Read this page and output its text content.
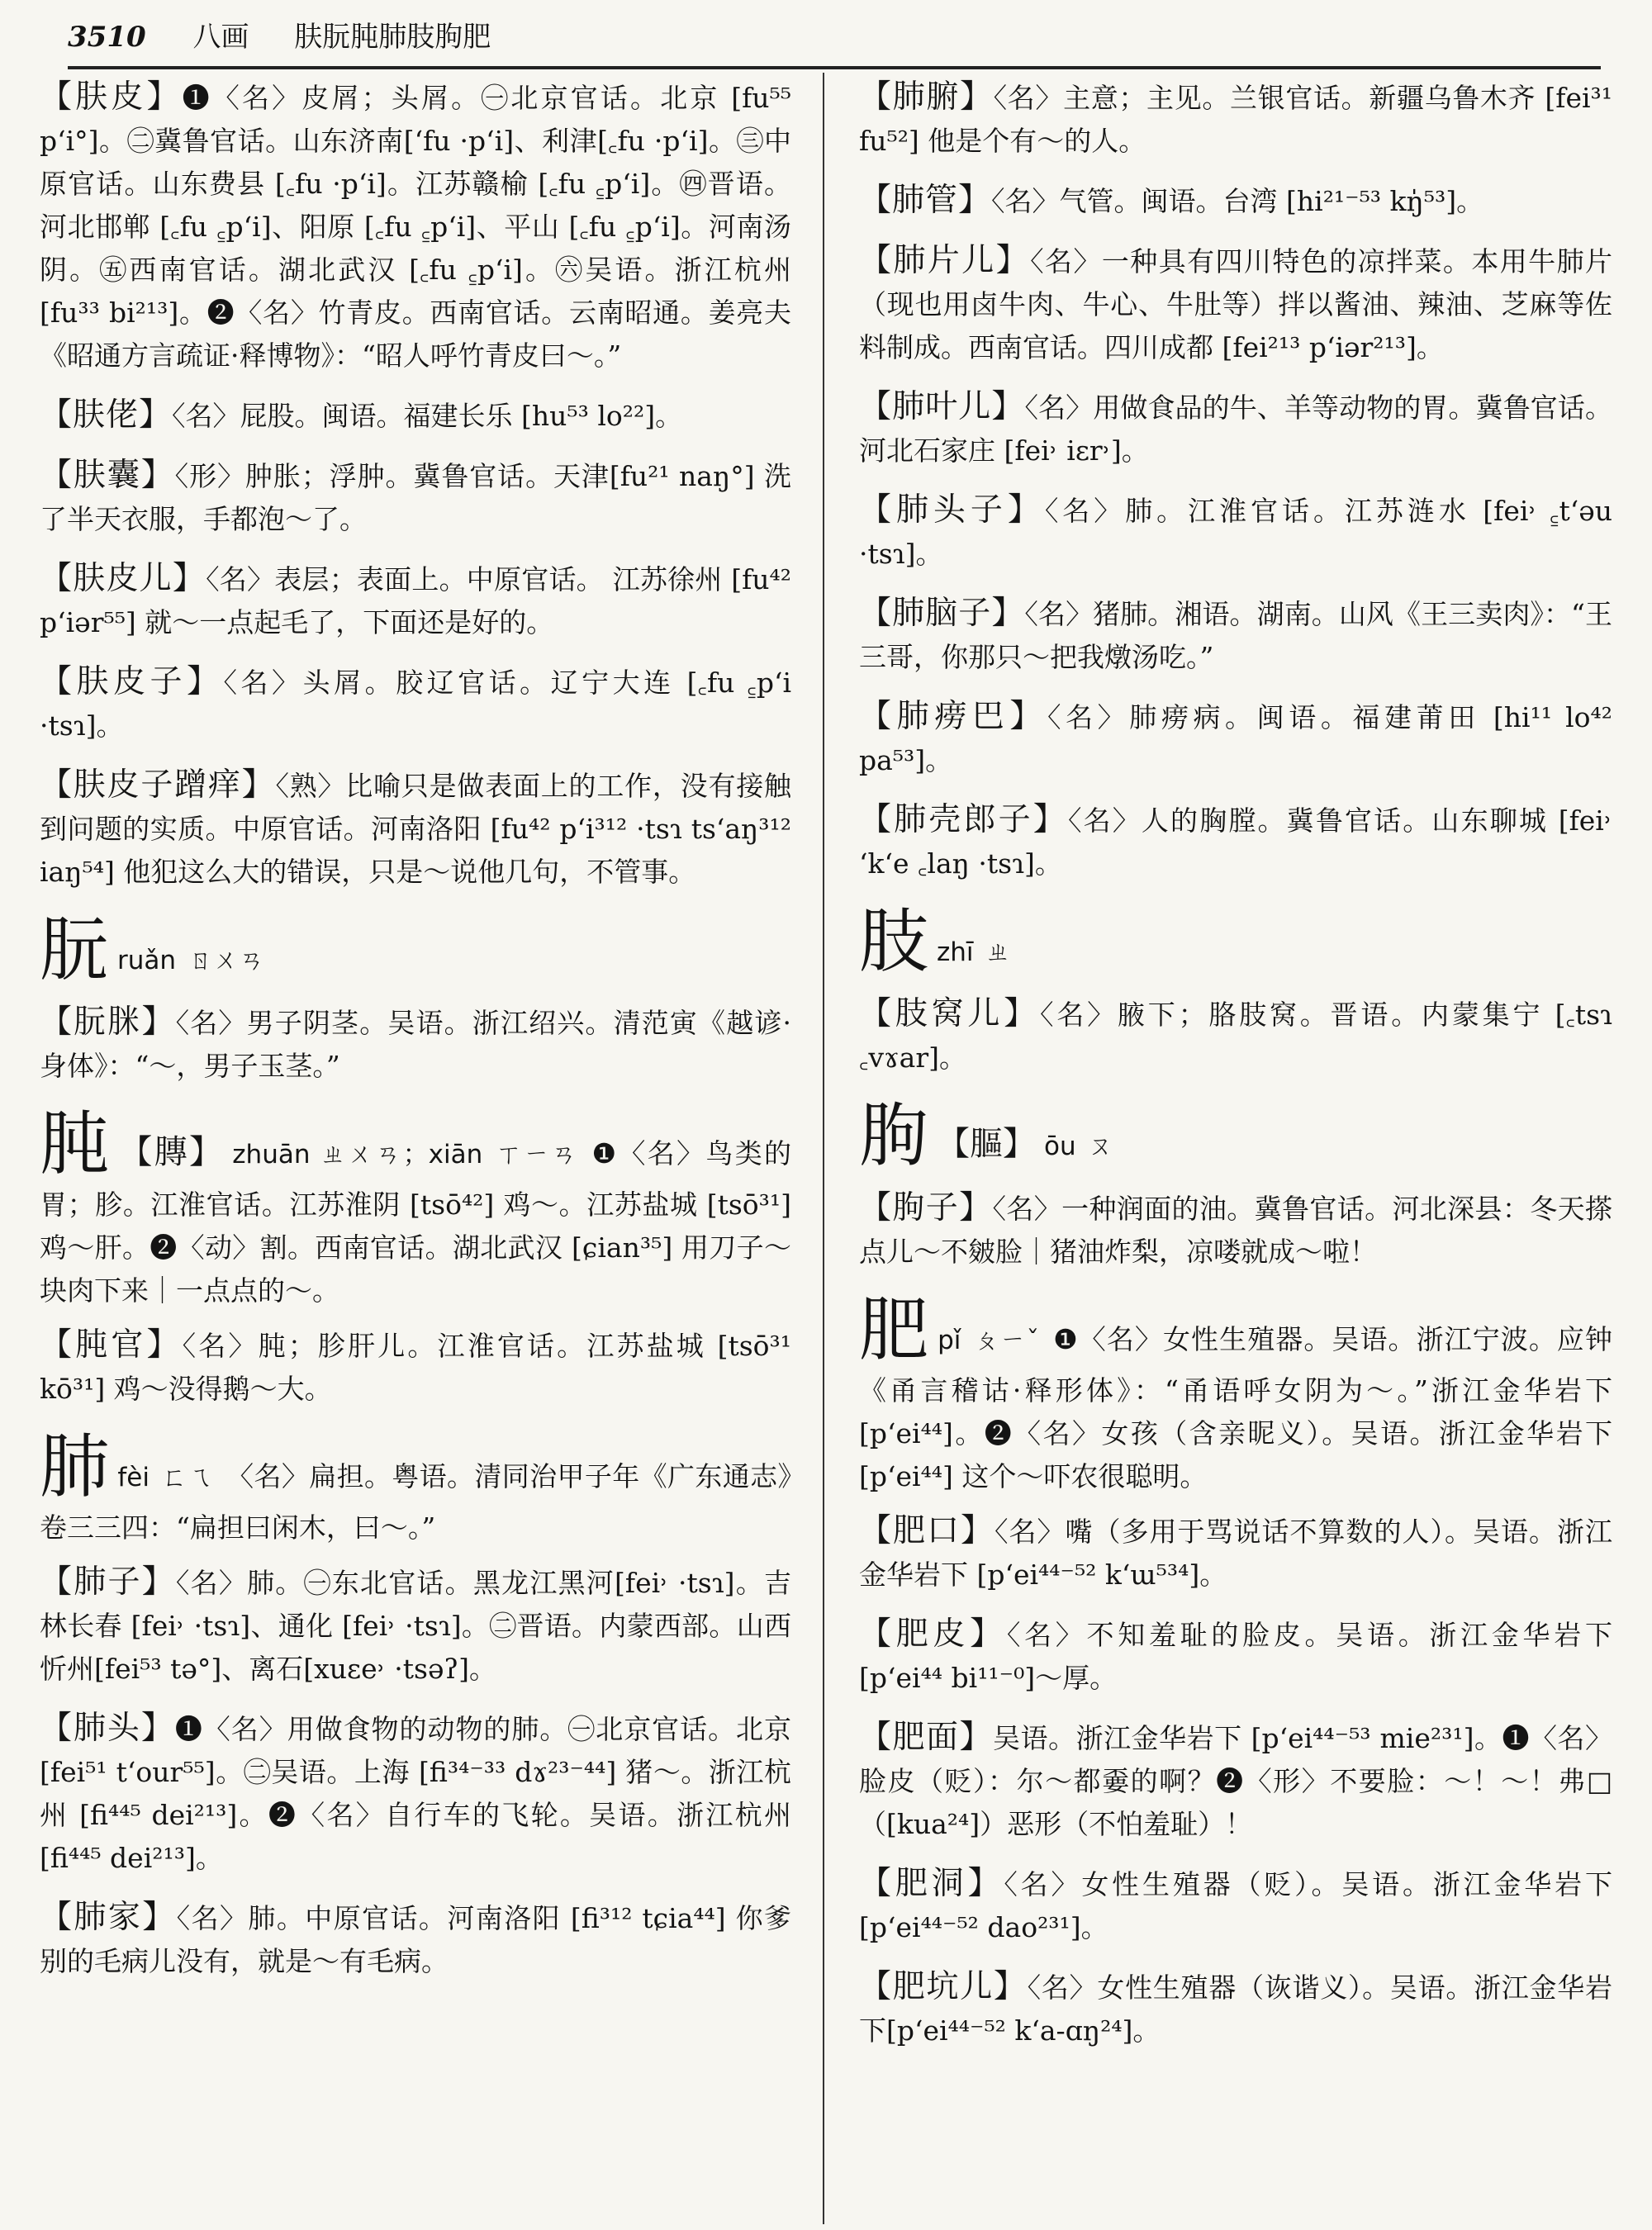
3510 八画 肤朊肫肺肢朐肥
【肤皮】❶〈名〉皮屑；头屑。㊀北京官话。北京 [fu⁵⁵ p‘i°]。㊁冀鲁官话。山东济南[‘fu ·p‘i]、利津[꜀fu ·p‘i]。㊂中原官话。山东费县 [꜀fu ·p‘i]。江苏赣榆 [꜀fu ꜁p‘i]。㊃晋语。河北邯郸 [꜀fu ꜁p‘i]、阳原 [꜀fu ꜁p‘i]、平山 [꜀fu ꜁p‘i]。河南汤阴。㊄西南官话。湖北武汉 [꜀fu ꜁p‘i]。㊅吴语。浙江杭州 [fu³³ bi²¹³]。❷〈名〉竹青皮。西南官话。云南昭通。姜亮夫《昭通方言疏证·释博物》：“昭人呼竹青皮曰～。”
【肤佬】〈名〉屁股。闽语。福建长乐 [hu⁵³ lo²²]。
【肤囊】〈形〉肿胀；浮肿。冀鲁官话。天津[fu²¹ naŋ°] 洗了半天衣服，手都泡～了。
【肤皮儿】〈名〉表层；表面上。中原官话。 江苏徐州 [fu⁴² p‘iər⁵⁵] 就～一点起毛了，下面还是好的。
【肤皮子】〈名〉头屑。胶辽官话。辽宁大连 [꜀fu ꜁p‘i ·tsɿ]。
【肤皮子蹭痒】〈熟〉比喻只是做表面上的工作，没有接触到问题的实质。中原官话。河南洛阳 [fu⁴² p‘i³¹² ·tsɿ ts‘aŋ³¹² iaŋ⁵⁴] 他犯这么大的错误，只是～说他几句，不管事。
朊ruǎn ㄖㄨㄢ
【朊脒】〈名〉男子阴茎。吴语。浙江绍兴。清范寅《越谚·身体》：“～，男子玉茎。”
肫 【膞】 zhuān ㄓㄨㄢ；xiān ㄒㄧㄢ ❶〈名〉鸟类的胃；胗。江淮官话。江苏淮阴 [tsō⁴²] 鸡～。江苏盐城 [tsō³¹] 鸡～肝。❷〈动〉割。西南官话。湖北武汉 [ɕian³⁵] 用刀子～块肉下来｜一点点的～。
【肫官】〈名〉肫；胗肝儿。江淮官话。江苏盐城 [tsō³¹ kō³¹] 鸡～没得鹅～大。
肺fèi ㄈㄟ 〈名〉扁担。粤语。清同治甲子年《广东通志》卷三三四：“扁担曰闲木，曰～。”
【肺子】〈名〉肺。㊀东北官话。黑龙江黑河[fei˒ ·tsɿ]。吉林长春 [fei˒ ·tsɿ]、通化 [fei˒ ·tsɿ]。㊁晋语。内蒙西部。山西忻州[fei⁵³ tə°]、离石[xuɛe˒ ·tsəʔ]。
【肺头】❶〈名〉用做食物的动物的肺。㊀北京官话。北京 [fei⁵¹ t‘our⁵⁵]。㊁吴语。上海 [fi³⁴⁻³³ dɤ²³⁻⁴⁴] 猪～。浙江杭州 [fi⁴⁴⁵ dei²¹³]。❷〈名〉自行车的飞轮。吴语。浙江杭州 [fi⁴⁴⁵ dei²¹³]。
【肺家】〈名〉肺。中原官话。河南洛阳 [fi³¹² tɕia⁴⁴] 你爹别的毛病儿没有，就是～有毛病。
【肺腑】〈名〉主意；主见。兰银官话。新疆乌鲁木齐 [fei³¹ fu⁵²] 他是个有～的人。
【肺管】〈名〉气管。闽语。台湾 [hi²¹⁻⁵³ kŋ̍⁵³]。
【肺片儿】〈名〉一种具有四川特色的凉拌菜。本用牛肺片（现也用卤牛肉、牛心、牛肚等）拌以酱油、辣油、芝麻等佐料制成。西南官话。四川成都 [fei²¹³ p‘iər²¹³]。
【肺叶儿】〈名〉用做食品的牛、羊等动物的胃。冀鲁官话。河北石家庄 [fei˒ iɛr˒]。
【肺头子】〈名〉肺。江淮官话。江苏涟水 [fei˒ ꜁t‘əu ·tsɿ]。
【肺脑子】〈名〉猪肺。湘语。湖南。山风《王三卖肉》：“王三哥，你那只～把我燉汤吃。”
【肺痨巴】〈名〉肺痨病。闽语。福建莆田 [hi¹¹ lo⁴² pa⁵³]。
【肺壳郎子】〈名〉人的胸膛。冀鲁官话。山东聊城 [fei˒ ‘k‘e ꜀laŋ ·tsɿ]。
肢zhī ㄓ
【肢窝儿】〈名〉腋下；胳肢窝。晋语。内蒙集宁 [꜀tsɿ ꜀vɤar]。
朐 【膒】 ōu ㄡ
【朐子】〈名〉一种润面的油。冀鲁官话。河北深县：冬天搽点儿～不皴脸｜猪油炸梨，凉喽就成～啦！
肥pǐ ㄆㄧˇ ❶〈名〉女性生殖器。吴语。浙江宁波。应钟《甬言稽诂·释形体》：“甬语呼女阴为～。”浙江金华岩下[p‘ei⁴⁴]。❷〈名〉女孩（含亲昵义）。吴语。浙江金华岩下 [p‘ei⁴⁴] 这个～吓农很聪明。
【肥口】〈名〉嘴（多用于骂说话不算数的人）。吴语。浙江金华岩下 [p‘ei⁴⁴⁻⁵² k‘ɯ⁵³⁴]。
【肥皮】〈名〉不知羞耻的脸皮。吴语。浙江金华岩下 [p‘ei⁴⁴ bi¹¹⁻⁰]～厚。
【肥面】吴语。浙江金华岩下 [p‘ei⁴⁴⁻⁵³ mie²³¹]。❶〈名〉脸皮（贬）：尔～都嫑的啊？❷〈形〉不要脸：～！～！弗□（[kua²⁴]）恶形（不怕羞耻）！
【肥洞】〈名〉女性生殖器（贬）。吴语。浙江金华岩下 [p‘ei⁴⁴⁻⁵² dao²³¹]。
【肥坑儿】〈名〉女性生殖器（诙谐义）。吴语。浙江金华岩下[p‘ei⁴⁴⁻⁵² k‘a-ɑŋ²⁴]。
